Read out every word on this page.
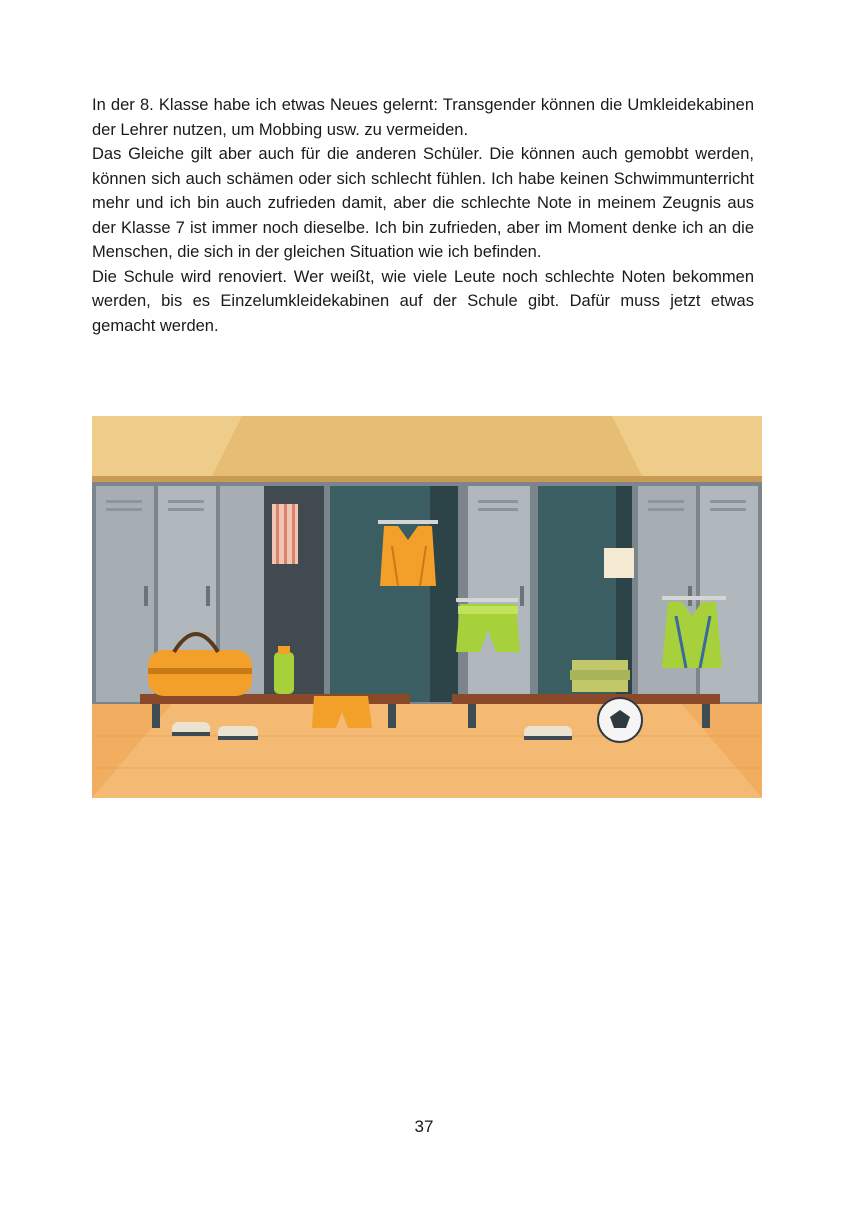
In der 8. Klasse habe ich etwas Neues gelernt: Transgender können die Umkleidekabinen der Lehrer nutzen, um Mobbing usw. zu vermeiden.

Das Gleiche gilt aber auch für die anderen Schüler. Die können auch gemobbt werden, können sich auch schämen oder sich schlecht fühlen. Ich habe keinen Schwimmunterricht mehr und ich bin auch zufrieden damit, aber die schlechte Note in meinem Zeugnis aus der Klasse 7 ist immer noch dieselbe. Ich bin zufrieden, aber im Moment denke ich an die Menschen, die sich in der gleichen Situation wie ich befinden.

Die Schule wird renoviert. Wer weißt, wie viele Leute noch schlechte Noten bekommen werden, bis es Einzelumkleidekabinen auf der Schule gibt. Dafür muss jetzt etwas gemacht werden.

37
